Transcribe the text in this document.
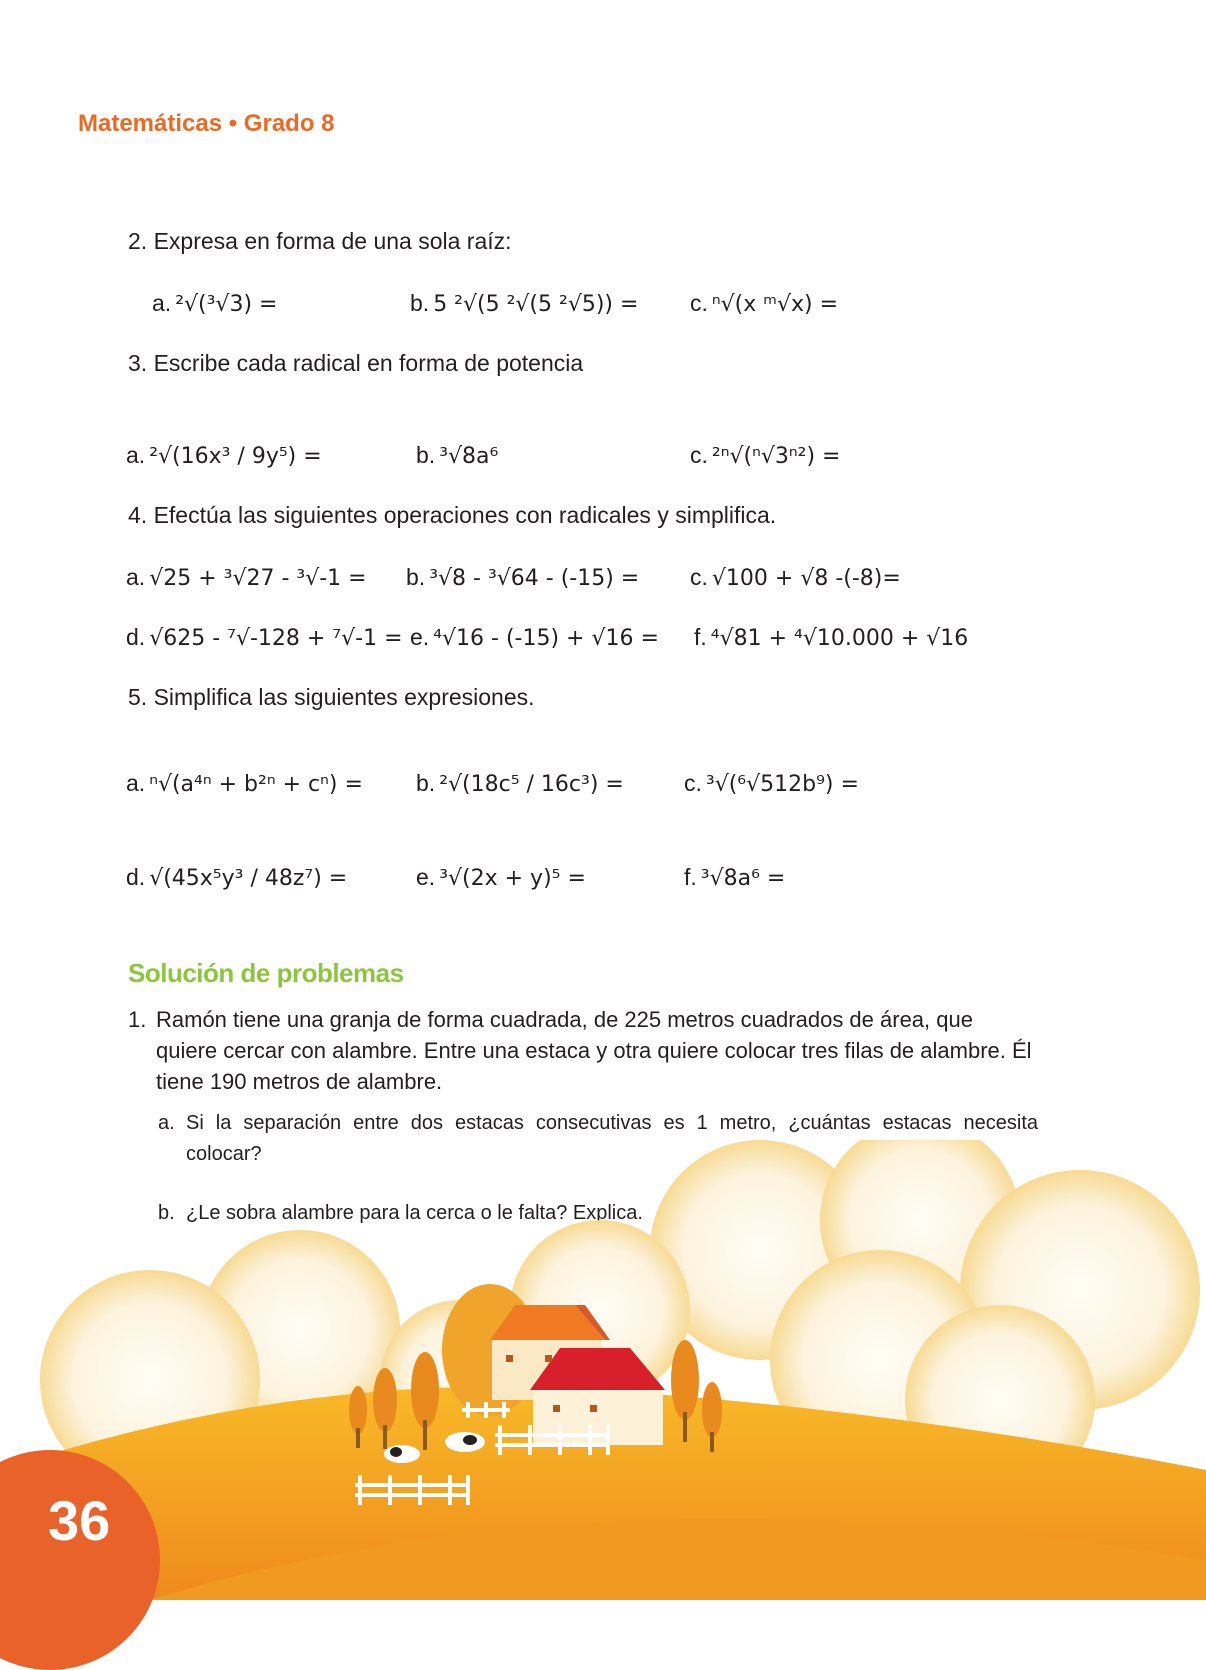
Matemáticas • Grado 8
2. Expresa en forma de una sola raíz:
a. ²√(³√3) =	b. 5 ²√(5 ²√(5 ²√5)) = c. ⁿ√(x ᵐ√x) =
3. Escribe cada radical en forma de potencia
a. ²√(16x³ / 9y⁵) =	b. ³√8a⁶	c. ²ⁿ√(ⁿ√3ⁿ²) =
4. Efectúa las siguientes operaciones con radicales y simplifica.
a. √25 + ³√27 - ³√-1 = b. ³√8 - ³√64 - (-15) = c. √100 + √8 -(-8)=
d. √625 - ⁷√-128 + ⁷√-1 = e. ⁴√16 - (-15) + √16 = f. ⁴√81 + ⁴√10.000 + √16
5. Simplifica las siguientes expresiones.
a. ⁿ√(a⁴ⁿ + b²ⁿ + cⁿ) = b. ²√(18c⁵ / 16c³) =	c. ³√(⁶√512b⁹) =
d. √(45x⁵y³ / 48z⁷) =	e. ³√(2x + y)⁵ =	f. ³√8a⁶ =
Solución de problemas
1. Ramón tiene una granja de forma cuadrada, de 225 metros cuadrados de área, que quiere cercar con alambre. Entre una estaca y otra quiere colocar tres filas de alambre. Él tiene 190 metros de alambre.
a. Si la separación entre dos estacas consecutivas es 1 metro, ¿cuántas estacas necesita colocar?
b. ¿Le sobra alambre para la cerca o le falta? Explica.
36
